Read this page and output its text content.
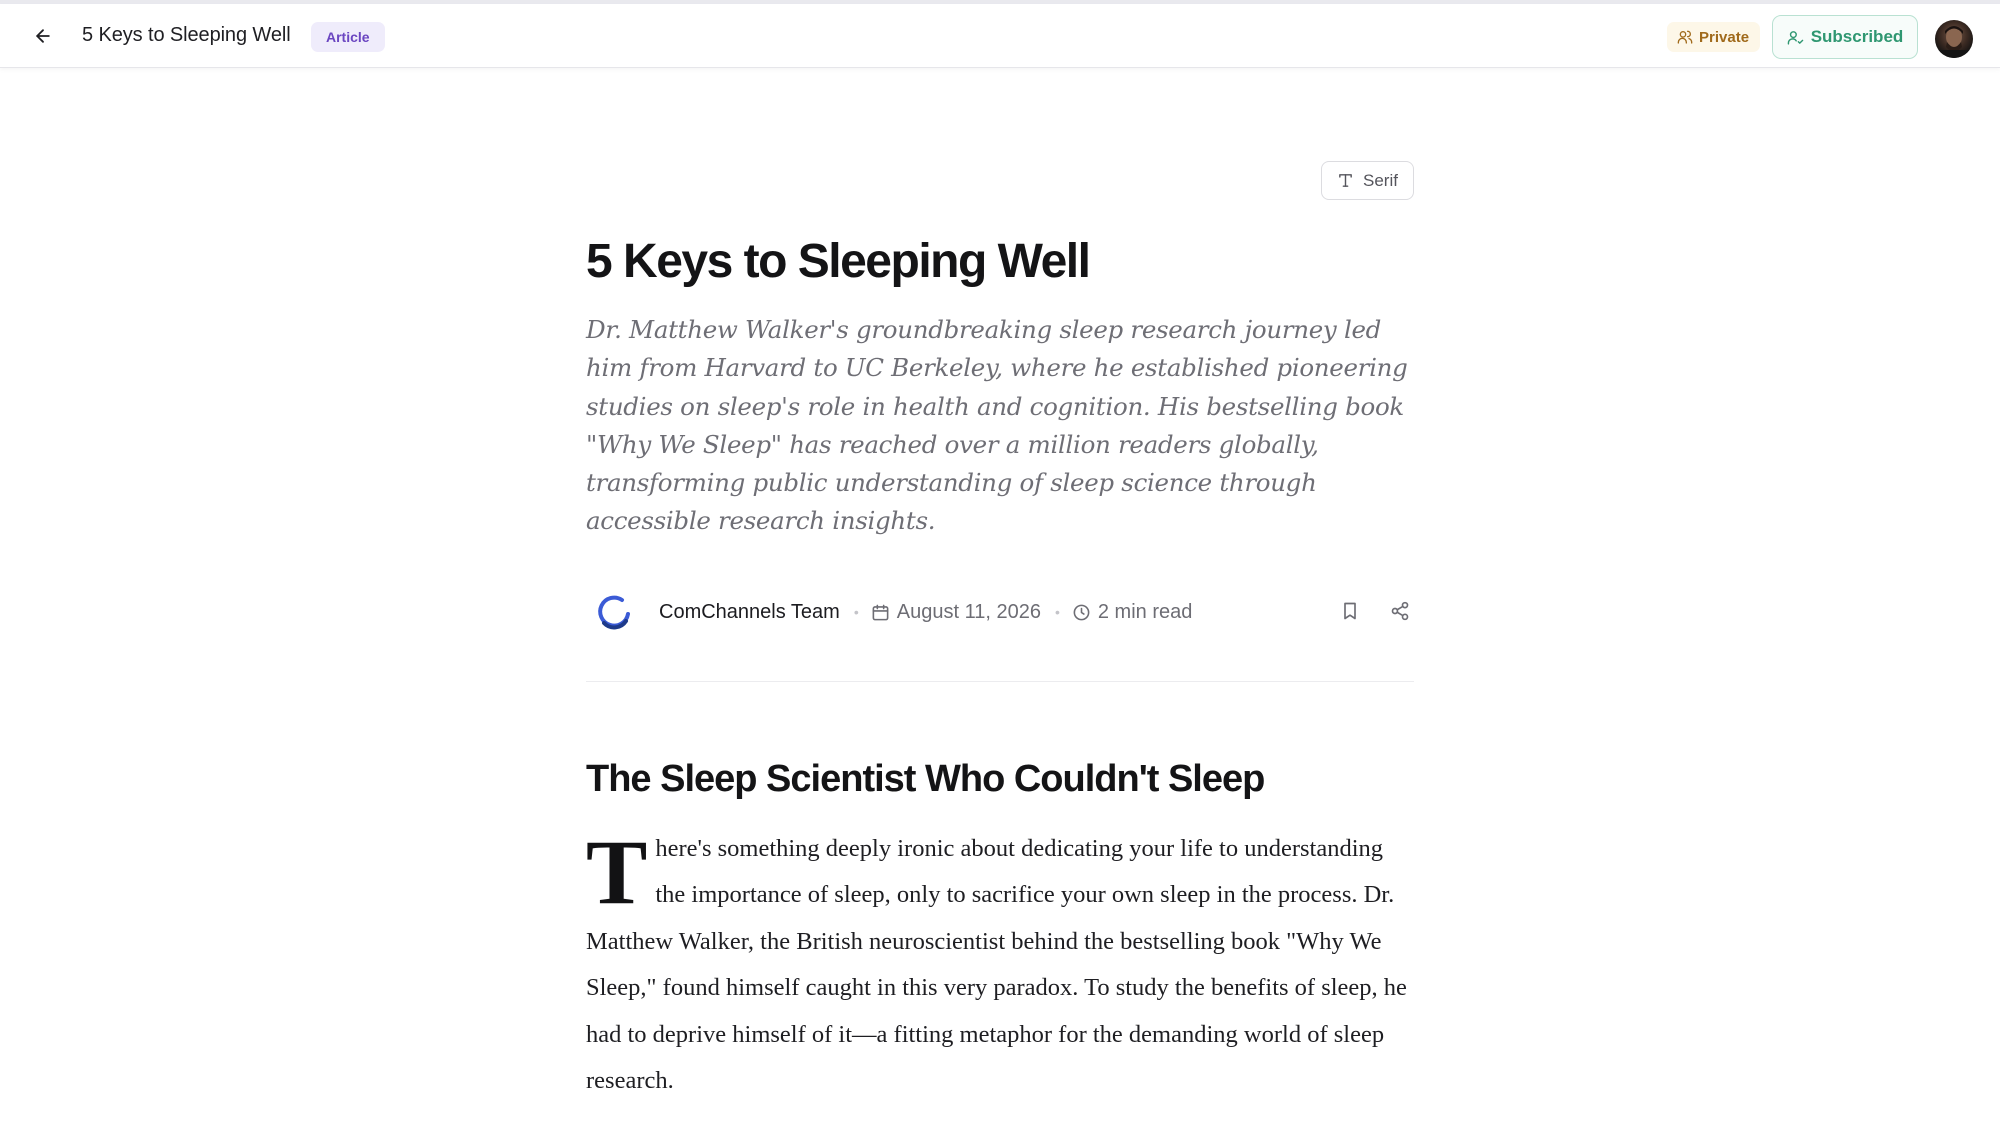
5 Keys to Sleeping Well	Article	Private	Subscribed
Serif
5 Keys to Sleeping Well

Dr. Matthew Walker's groundbreaking sleep research journey led him from Harvard to UC Berkeley, where he established pioneering studies on sleep's role in health and cognition. His bestselling book "Why We Sleep" has reached over a million readers globally, transforming public understanding of sleep science through accessible research insights.

ComChannels Team • August 11, 2026 • 2 min read
The Sleep Scientist Who Couldn't Sleep

There's something deeply ironic about dedicating your life to understanding the importance of sleep, only to sacrifice your own sleep in the process. Dr. Matthew Walker, the British neuroscientist behind the bestselling book "Why We Sleep," found himself caught in this very paradox. To study the benefits of sleep, he had to deprive himself of it—a fitting metaphor for the demanding world of sleep research.
